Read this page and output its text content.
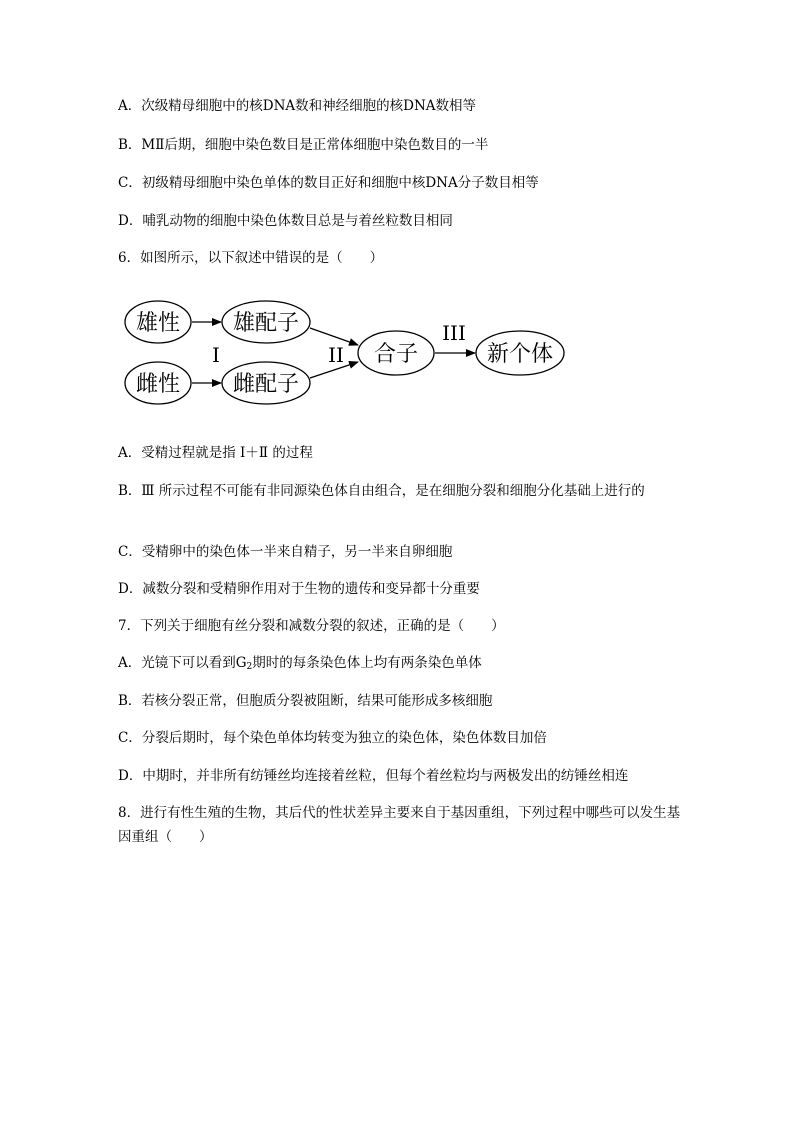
A．次级精母细胞中的核DNA数和神经细胞的核DNA数相等
B．MⅡ后期，细胞中染色数目是正常体细胞中染色数目的一半
C．初级精母细胞中染色单体的数目正好和细胞中核DNA分子数目相等
D．哺乳动物的细胞中染色体数目总是与着丝粒数目相同
6．如图所示，以下叙述中错误的是（　　）
雄性 雄配子
雌性 雌配子
合子	新个体
I	II
III
A．受精过程就是指 Ⅰ＋Ⅱ 的过程
B．Ⅲ 所示过程不可能有非同源染色体自由组合，是在细胞分裂和细胞分化基础上进行的
C．受精卵中的染色体一半来自精子，另一半来自卵细胞
D．减数分裂和受精卵作用对于生物的遗传和变异都十分重要
7．下列关于细胞有丝分裂和减数分裂的叙述，正确的是（　　）
A．光镜下可以看到$G_2$期时的每条染色体上均有两条染色单体
B．若核分裂正常，但胞质分裂被阻断，结果可能形成多核细胞
C．分裂后期时，每个染色单体均转变为独立的染色体，染色体数目加倍
D．中期时，并非所有纺锤丝均连接着丝粒，但每个着丝粒均与两极发出的纺锤丝相连
8．进行有性生殖的生物，其后代的性状差异主要来自于基因重组，下列过程中哪些可以发生基因重组（　　）
